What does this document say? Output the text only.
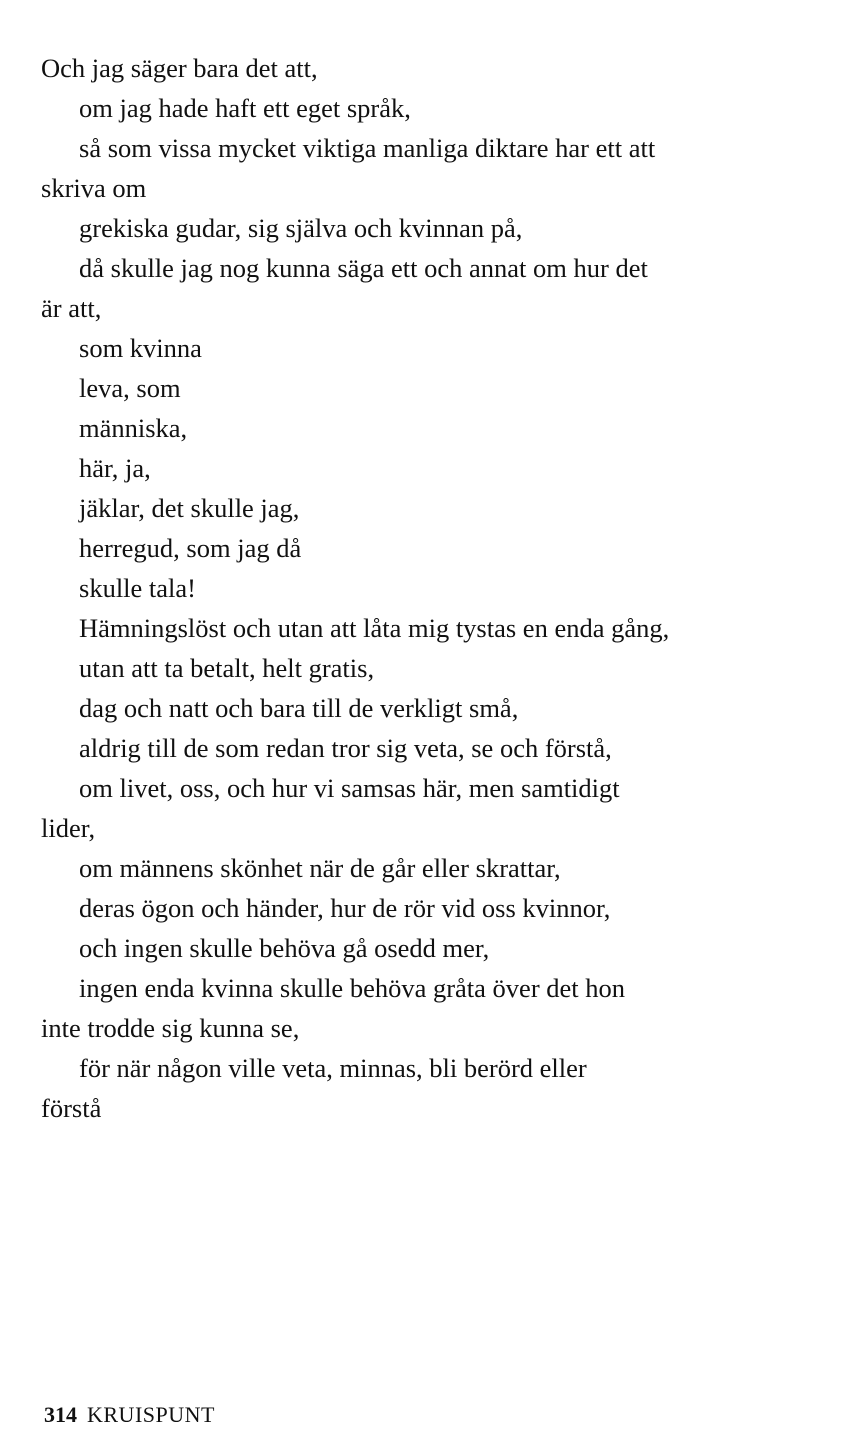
Och jag säger bara det att,
om jag hade haft ett eget språk,
så som vissa mycket viktiga manliga diktare har ett att
skriva om
grekiska gudar, sig själva och kvinnan på,
då skulle jag nog kunna säga ett och annat om hur det
är att,
som kvinna
leva, som
människa,
här, ja,
jäklar, det skulle jag,
herregud, som jag då
skulle tala!
Hämningslöst och utan att låta mig tystas en enda gång,
utan att ta betalt, helt gratis,
dag och natt och bara till de verkligt små,
aldrig till de som redan tror sig veta, se och förstå,
om livet, oss, och hur vi samsas här, men samtidigt
lider,
om männens skönhet när de går eller skrattar,
deras ögon och händer, hur de rör vid oss kvinnor,
och ingen skulle behöva gå osedd mer,
ingen enda kvinna skulle behöva gråta över det hon
inte trodde sig kunna se,
för när någon ville veta, minnas, bli berörd eller
förstå
314 KRUISPUNT
